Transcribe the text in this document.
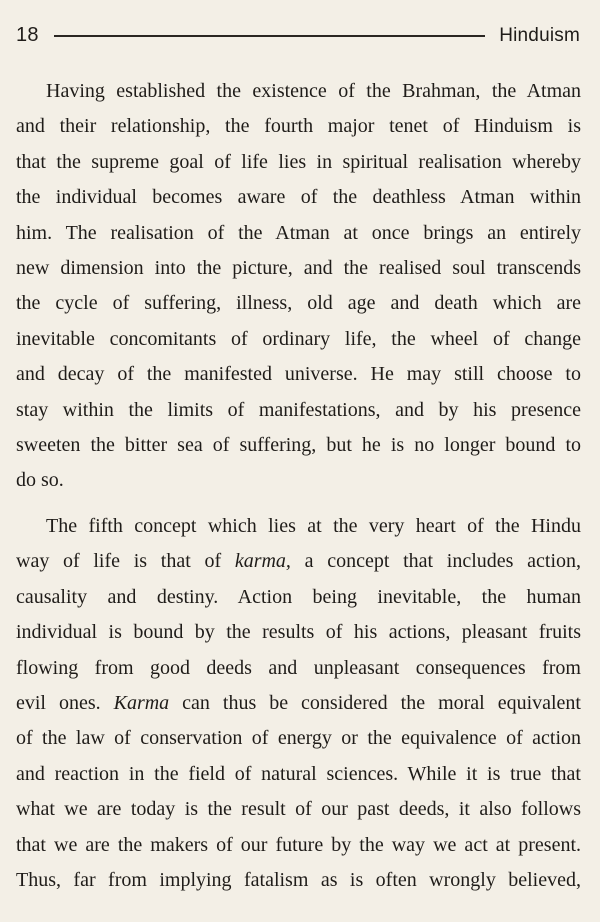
18	Hinduism

Having established the existence of the Brahman, the Atman
and their relationship, the fourth major tenet of Hinduism is
that the supreme goal of life lies in spiritual realisation whereby
the individual becomes aware of the deathless Atman within
him. The realisation of the Atman at once brings an entirely
new dimension into the picture, and the realised soul transcends
the cycle of suffering, illness, old age and death which are
inevitable concomitants of ordinary life, the wheel of change
and decay of the manifested universe. He may still choose to
stay within the limits of manifestations, and by his presence
sweeten the bitter sea of suffering, but he is no longer bound to
do so.

The fifth concept which lies at the very heart of the Hindu
way of life is that of karma, a concept that includes action,
causality and destiny. Action being inevitable, the human
individual is bound by the results of his actions, pleasant fruits
flowing from good deeds and unpleasant consequences from
evil ones. Karma can thus be considered the moral equivalent
of the law of conservation of energy or the equivalence of action
and reaction in the field of natural sciences. While it is true that
what we are today is the result of our past deeds, it also follows
that we are the makers of our future by the way we act at present.
Thus, far from implying fatalism as is often wrongly believed,
